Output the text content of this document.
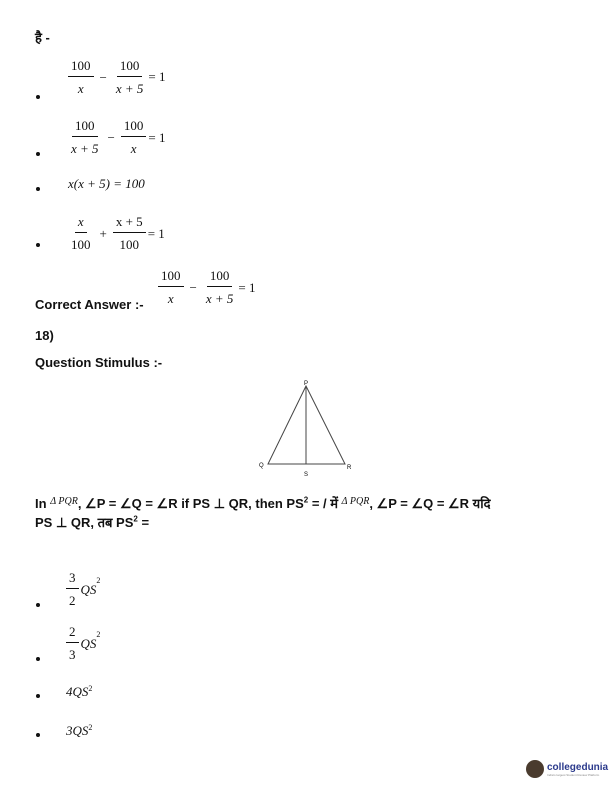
है -
$\frac{100}{x} - \frac{100}{x + 5} = 1$
$\frac{100}{x + 5} - \frac{100}{x} = 1$
x(x + 5) = 100
$\frac{x}{100} + \frac{x + 5}{100} = 1$
Correct Answer :- $\frac{100}{x} - \frac{100}{x + 5} = 1$
18)
Question Stimulus :-
P
Q	R
S
In $^{\Delta PQR}$, ∠P = ∠Q = ∠R if PS ⊥ QR, then $PS^2$ = / में $^{\Delta PQR}$, ∠P = ∠Q = ∠R यदि
PS ⊥ QR, तब $PS^2$ =
$\frac{3}{2}$ QS
$^2$
$\frac{2}{3}$ QS
$^2$
$4QS^2$
$3QS^2$
collegedunia
India's largest Student Review Platform
